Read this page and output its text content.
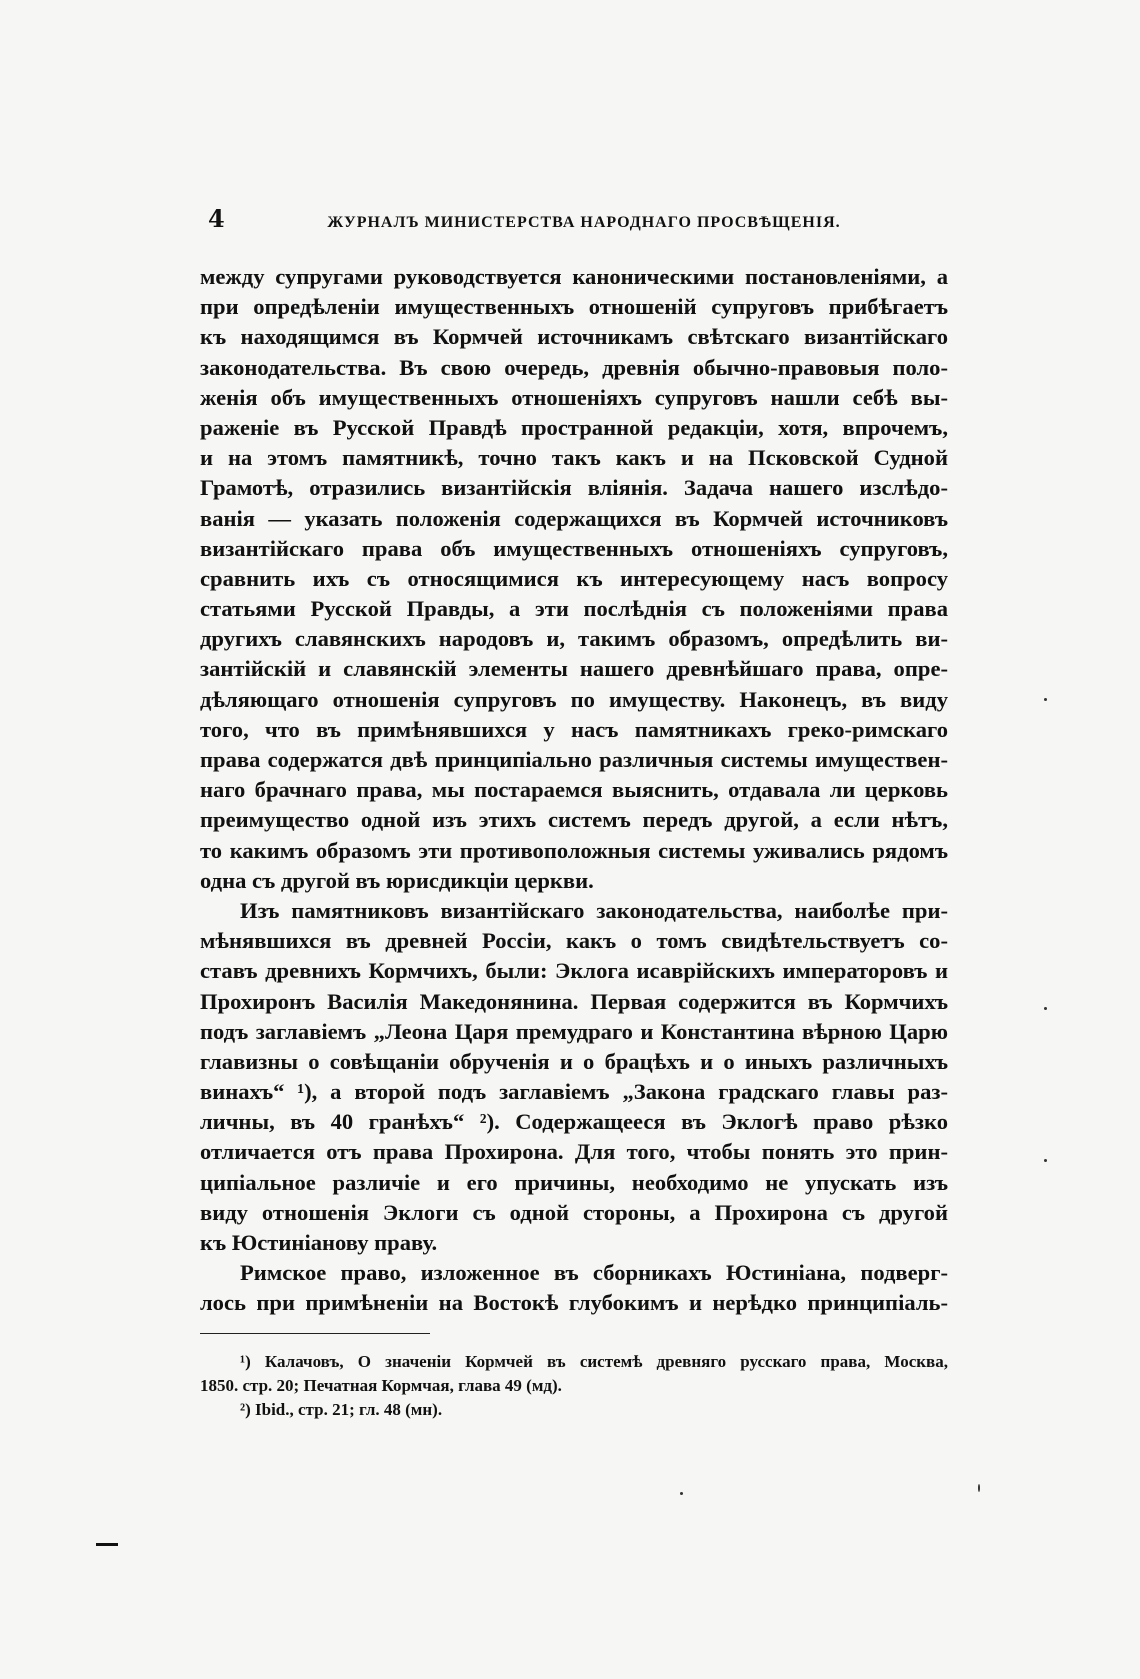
4	ЖУРНАЛЪ МИНИСТЕРСТВА НАРОДНАГО ПРОСВѢЩЕНІЯ.
между супругами руководствуется каноническими постановленіями, а
при опредѣленіи имущественныхъ отношеній супруговъ прибѣгаетъ
къ находящимся въ Кормчей источникамъ свѣтскаго византійскаго
законодательства. Въ свою очередь, древнія обычно-правовыя поло-
женія объ имущественныхъ отношеніяхъ супруговъ нашли себѣ вы-
раженіе въ Русской Правдѣ пространной редакціи, хотя, впрочемъ,
и на этомъ памятникѣ, точно такъ какъ и на Псковской Судной
Грамотѣ, отразились византійскія вліянія. Задача нашего изслѣдо-
ванія — указать положенія содержащихся въ Кормчей источниковъ
византійскаго права объ имущественныхъ отношеніяхъ супруговъ,
сравнить ихъ съ относящимися къ интересующему насъ вопросу
статьями Русской Правды, а эти послѣднія съ положеніями права
другихъ славянскихъ народовъ и, такимъ образомъ, опредѣлить ви-
зантійскій и славянскій элементы нашего древнѣйшаго права, опре-
дѣляющаго отношенія супруговъ по имуществу. Наконецъ, въ виду
того, что въ примѣнявшихся у насъ памятникахъ греко-римскаго
права содержатся двѣ принципіально различныя системы имуществен-
наго брачнаго права, мы постараемся выяснить, отдавала ли церковь
преимущество одной изъ этихъ системъ передъ другой, а если нѣтъ,
то какимъ образомъ эти противоположныя системы уживались рядомъ
одна съ другой въ юрисдикціи церкви.
Изъ памятниковъ византійскаго законодательства, наиболѣе при-
мѣнявшихся въ древней Россіи, какъ о томъ свидѣтельствуетъ со-
ставъ древнихъ Кормчихъ, были: Эклога исаврійскихъ императоровъ и
Прохиронъ Василія Македонянина. Первая содержится въ Кормчихъ
подъ заглавіемъ „Леона Царя премудраго и Константина вѣрною Царю
главизны о совѣщаніи обрученія и о брацѣхъ и о иныхъ различныхъ
винахъ“ ¹), а второй подъ заглавіемъ „Закона градскаго главы раз-
личны, въ 40 гранѣхъ“ ²). Содержащееся въ Эклогѣ право рѣзко
отличается отъ права Прохирона. Для того, чтобы понять это прин-
ципіальное различіе и его причины, необходимо не упускать изъ
виду отношенія Эклоги съ одной стороны, а Прохирона съ другой
къ Юстиніанову праву.
Римское право, изложенное въ сборникахъ Юстиніана, подверг-
лось при примѣненіи на Востокѣ глубокимъ и нерѣдко принципіаль-
¹) Калачовъ, О значеніи Кормчей въ системѣ древняго русскаго права, Москва,
1850. стр. 20; Печатная Кормчая, глава 49 (мд).
²) Ibid., стр. 21; гл. 48 (мн).
